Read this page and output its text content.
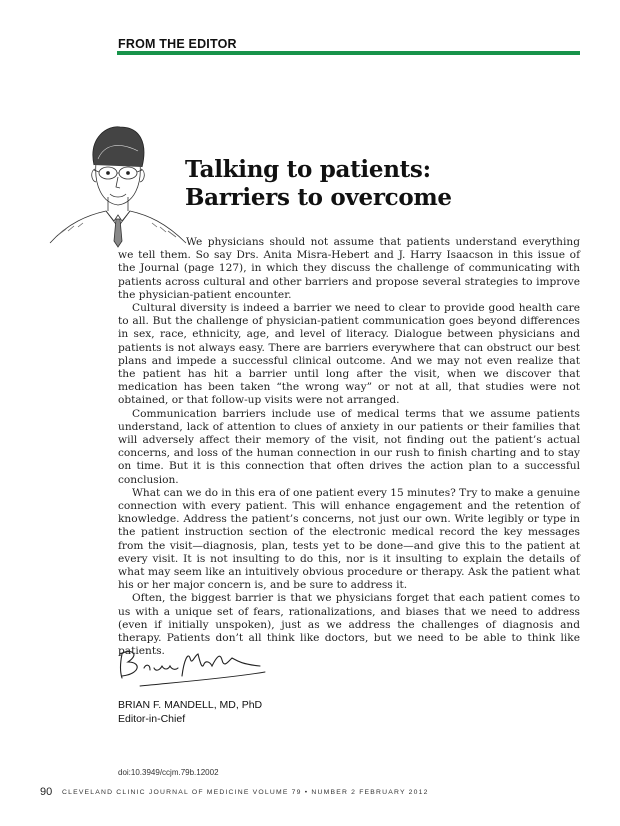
FROM THE EDITOR
Talking to patients:
Barriers to overcome

We physicians should not assume that patients understand everything we tell them. So say Drs. Anita Misra-Hebert and J. Harry Isaacson in this issue of the Journal (page 127), in which they discuss the challenge of communicating with patients across cultural and other barriers and propose several strategies to improve the physician-patient encounter.

Cultural diversity is indeed a barrier we need to clear to provide good health care to all. But the challenge of physician-patient communication goes beyond differences in sex, race, ethnicity, age, and level of literacy. Dialogue between physicians and patients is not always easy. There are barriers everywhere that can obstruct our best plans and impede a successful clinical outcome. And we may not even realize that the patient has hit a barrier until long after the visit, when we discover that medication has been taken “the wrong way” or not at all, that studies were not obtained, or that follow-up visits were not arranged.

Communication barriers include use of medical terms that we assume patients understand, lack of attention to clues of anxiety in our patients or their families that will adversely affect their memory of the visit, not finding out the patient’s actual concerns, and loss of the human connection in our rush to finish charting and to stay on time. But it is this connection that often drives the action plan to a successful conclusion.

What can we do in this era of one patient every 15 minutes? Try to make a genuine connection with every patient. This will enhance engagement and the retention of knowledge. Address the patient’s concerns, not just our own. Write legibly or type in the patient instruction section of the electronic medical record the key messages from the visit—diagnosis, plan, tests yet to be done—and give this to the patient at every visit. It is not insulting to do this, nor is it insulting to explain the details of what may seem like an intuitively obvious procedure or therapy. Ask the patient what his or her major concern is, and be sure to address it.

Often, the biggest barrier is that we physicians forget that each patient comes to us with a unique set of fears, rationalizations, and biases that we need to address (even if initially unspoken), just as we address the challenges of diagnosis and therapy. Patients don’t all think like doctors, but we need to be able to think like patients.

BRIAN F. MANDELL, MD, PhD
Editor-in-Chief
doi:10.3949/ccjm.79b.12002
90 CLEVELAND CLINIC JOURNAL OF MEDICINE VOLUME 79 • NUMBER 2 FEBRUARY 2012
